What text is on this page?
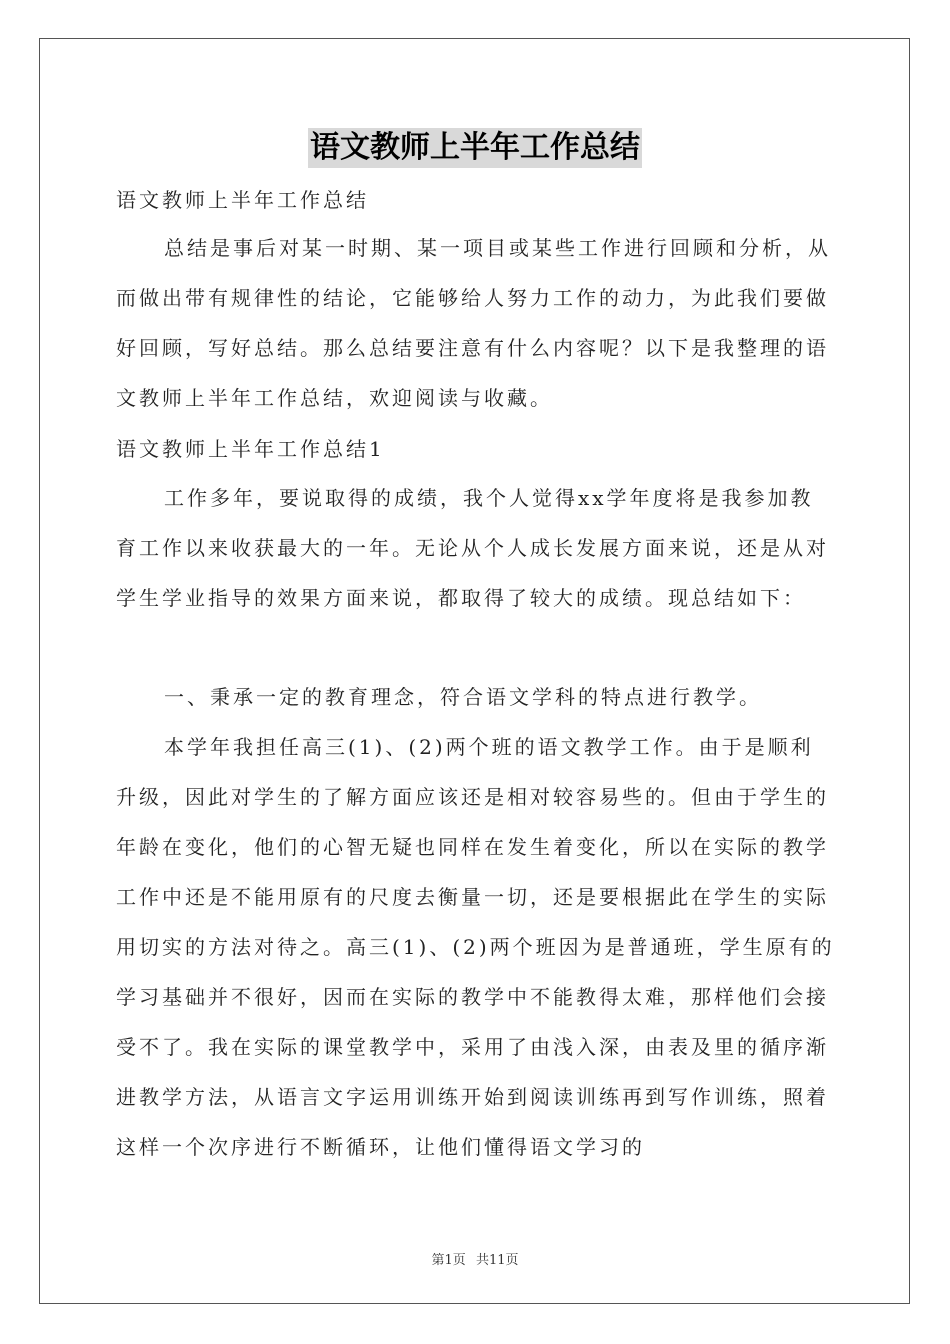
语文教师上半年工作总结

语文教师上半年工作总结

总结是事后对某一时期、某一项目或某些工作进行回顾和分析，从而做出带有规律性的结论，它能够给人努力工作的动力，为此我们要做好回顾，写好总结。那么总结要注意有什么内容呢？以下是我整理的语文教师上半年工作总结，欢迎阅读与收藏。

语文教师上半年工作总结1

工作多年，要说取得的成绩，我个人觉得xx学年度将是我参加教育工作以来收获最大的一年。无论从个人成长发展方面来说，还是从对学生学业指导的效果方面来说，都取得了较大的成绩。现总结如下：

一、秉承一定的教育理念，符合语文学科的特点进行教学。

本学年我担任高三(1)、(2)两个班的语文教学工作。由于是顺利升级，因此对学生的了解方面应该还是相对较容易些的。但由于学生的年龄在变化，他们的心智无疑也同样在发生着变化，所以在实际的教学工作中还是不能用原有的尺度去衡量一切，还是要根据此在学生的实际用切实的方法对待之。高三(1)、(2)两个班因为是普通班，学生原有的学习基础并不很好，因而在实际的教学中不能教得太难，那样他们会接受不了。我在实际的课堂教学中，采用了由浅入深，由表及里的循序渐进教学方法，从语言文字运用训练开始到阅读训练再到写作训练，照着这样一个次序进行不断循环，让他们懂得语文学习的

第1页 共11页
